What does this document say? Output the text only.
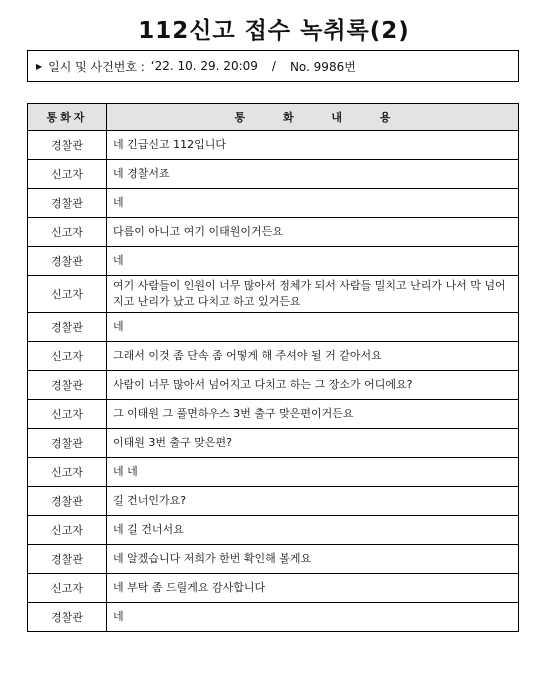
112신고 접수 녹취록(2)
▶ 일시 및 사건번호 : ‘22. 10. 29. 20:09 / No. 9986번
통화자	통 화 내 용
경찰관	네 긴급신고 112입니다
신고자	네 경찰서죠
경찰관	네
신고자	다름이 아니고 여기 이태원이거든요
경찰관	네
신고자	여기 사람들이 인원이 너무 많아서 정체가 되서 사람들 밀치고 난리가 나서 막 넘어지고 난리가 났고 다치고 하고 있거든요
경찰관	네
신고자	그래서 이것 좀 단속 좀 어떻게 해 주셔야 될 거 같아서요
경찰관	사람이 너무 많아서 넘어지고 다치고 하는 그 장소가 어디에요?
신고자	그 이태원 그 풀면하우스 3번 출구 맞은편이거든요
경찰관	이태원 3번 출구 맞은편?
신고자	네 네
경찰관	길 건너인가요?
신고자	네 길 건너서요
경찰관	네 알겠습니다 저희가 한번 확인해 볼게요
신고자	네 부탁 좀 드릴게요 감사합니다
경찰관	네
